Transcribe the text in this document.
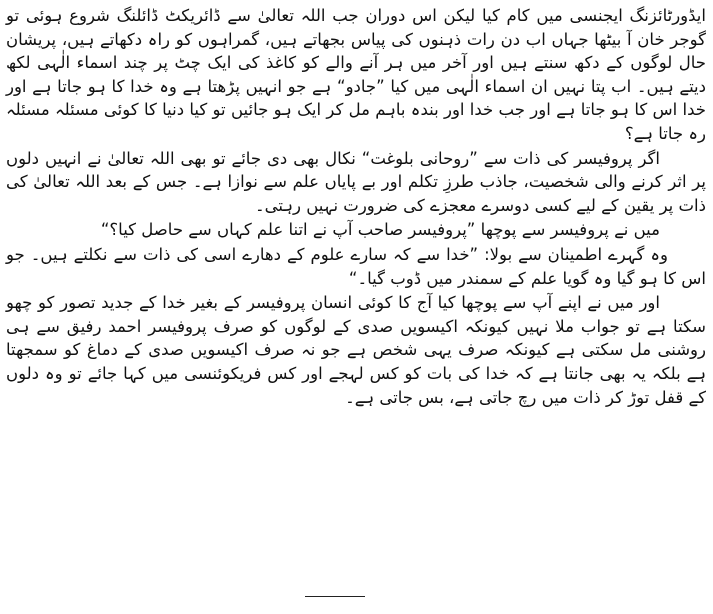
ایڈورٹائزنگ ایجنسی میں کام کیا لیکن اس دوران جب اللہ تعالیٰ سے ڈائریکٹ ڈائلنگ شروع ہوئی تو گوجر خان آ بیٹھا جہاں اب دن رات ذہنوں کی پیاس بجھاتے ہیں، گمراہوں کو راہ دکھاتے ہیں، پریشان حال لوگوں کے دکھ سنتے ہیں اور آخر میں ہر آنے والے کو کاغذ کی ایک چٹ پر چند اسماء الٰہی لکھ دیتے ہیں۔ اب پتا نہیں ان اسماء الٰہی میں کیا ”جادو“ ہے جو انہیں پڑھتا ہے وہ خدا کا ہو جاتا ہے اور خدا اس کا ہو جاتا ہے اور جب خدا اور بندہ باہم مل کر ایک ہو جائیں تو کیا دنیا کا کوئی مسئلہ مسئلہ رہ جاتا ہے؟

اگر پروفیسر کی ذات سے ”روحانی بلوغت“ نکال بھی دی جائے تو بھی اللہ تعالیٰ نے انہیں دلوں پر اثر کرنے والی شخصیت، جاذب طرزِ تکلم اور بے پایاں علم سے نوازا ہے۔ جس کے بعد اللہ تعالیٰ کی ذات پر یقین کے لیے کسی دوسرے معجزے کی ضرورت نہیں رہتی۔

میں نے پروفیسر سے پوچھا ”پروفیسر صاحب آپ نے اتنا علم کہاں سے حاصل کیا؟“

وہ گہرے اطمینان سے بولا: ”خدا سے کہ سارے علوم کے دھارے اسی کی ذات سے نکلتے ہیں۔ جو اس کا ہو گیا وہ گویا علم کے سمندر میں ڈوب گیا۔“

اور میں نے اپنے آپ سے پوچھا کیا آج کا کوئی انسان پروفیسر کے بغیر خدا کے جدید تصور کو چھو سکتا ہے تو جواب ملا نہیں کیونکہ اکیسویں صدی کے لوگوں کو صرف پروفیسر احمد رفیق سے ہی روشنی مل سکتی ہے کیونکہ صرف یہی شخص ہے جو نہ صرف اکیسویں صدی کے دماغ کو سمجھتا ہے بلکہ یہ بھی جانتا ہے کہ خدا کی بات کو کس لہجے اور کس فریکوئنسی میں کہا جائے تو وہ دلوں کے قفل توڑ کر ذات میں رچ جاتی ہے، بس جاتی ہے۔
